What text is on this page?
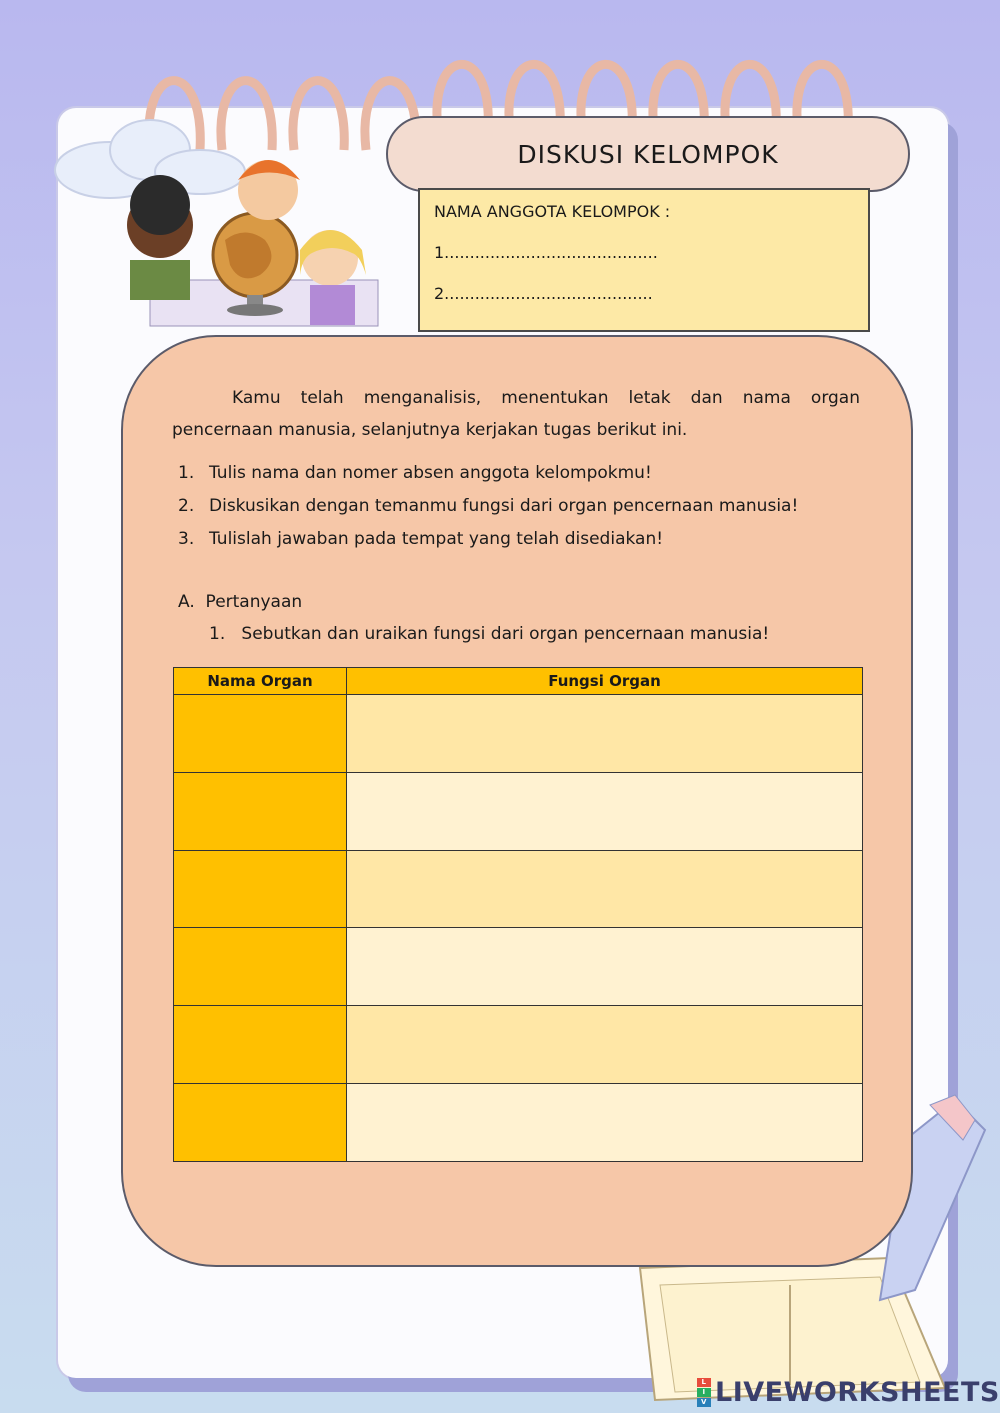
DISKUSI KELOMPOK
NAMA ANGGOTA KELOMPOK :
1..........................................
2.........................................

Kamu telah menganalisis, menentukan letak dan nama organ pencernaan manusia, selanjutnya kerjakan tugas berikut ini.

1. Tulis nama dan nomer absen anggota kelompokmu!
2. Diskusikan dengan temanmu fungsi dari organ pencernaan manusia!
3. Tulislah jawaban pada tempat yang telah disediakan!
A.  Pertanyaan
1.   Sebutkan dan uraikan fungsi dari organ pencernaan manusia!
Nama Organ	Fungsi Organ

L
I
V LIVEWORKSHEETS
